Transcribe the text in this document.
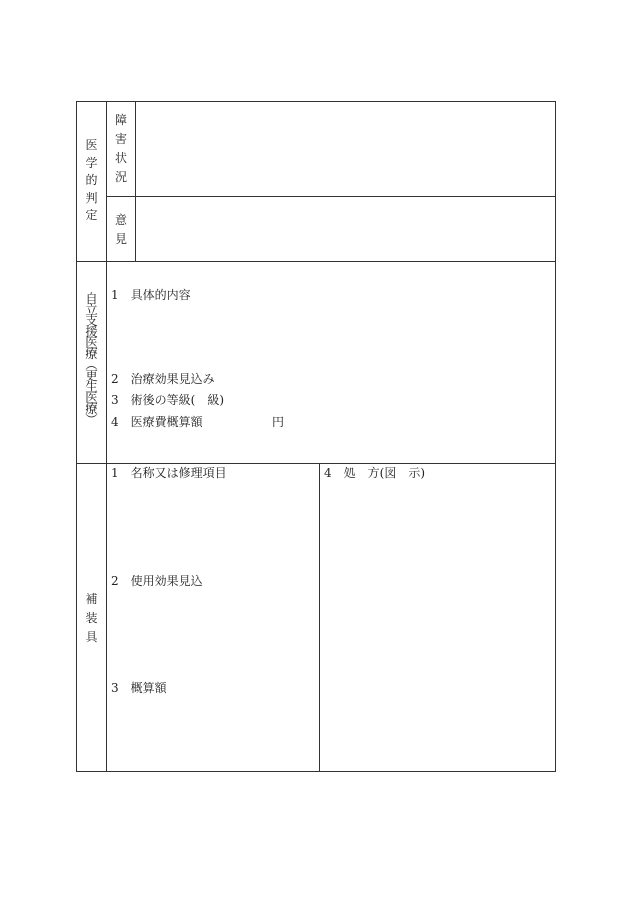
医
学
的
判
定
障
害
状
況
意
見
自
立
支
援
医
療
︵
更
生
医
療
︶
1　具体的内容
2　治療効果見込み
3　術後の等級(　級)
4　医療費概算額	円
補
装
具
1　名称又は修理項目
2　使用効果見込
3　概算額
4　処　方(図　示)
